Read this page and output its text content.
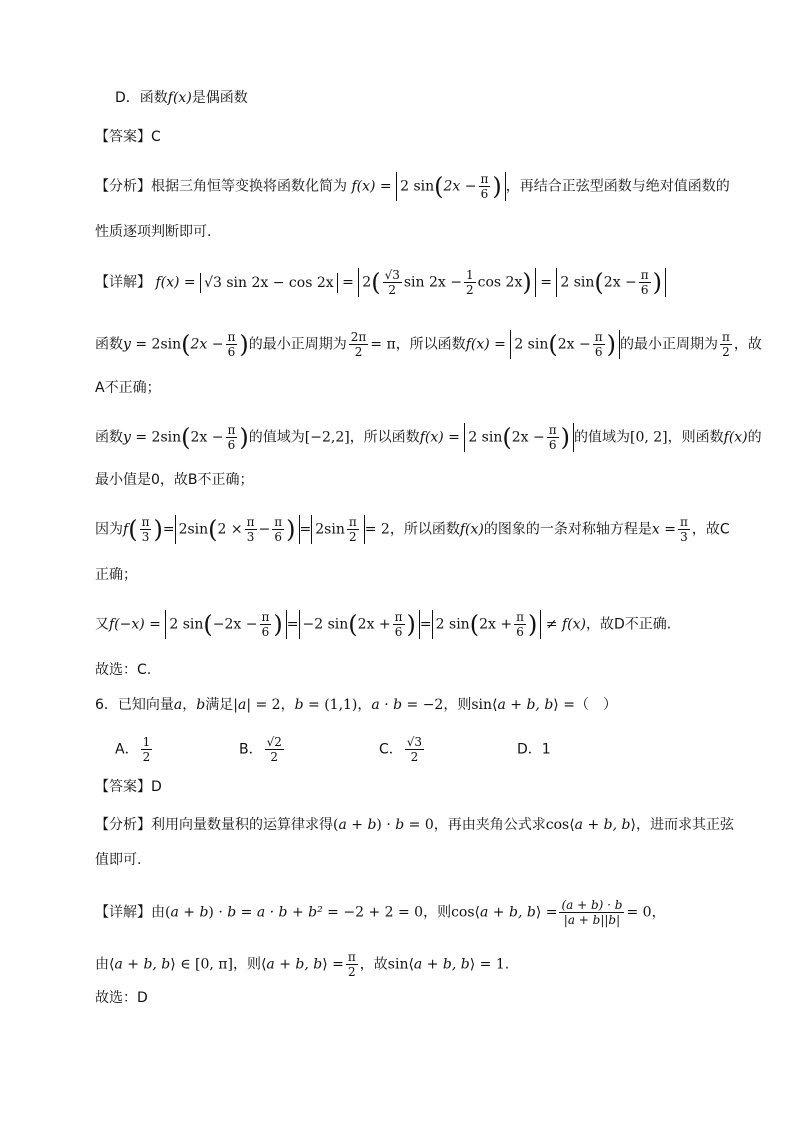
D．函数f(x)是偶函数
【答案】C
【分析】根据三角恒等变换将函数化简为 f(x) = 2 $\sin(2x - \frac{\pi}{6}$ ) ，再结合正弦型函数与绝对值函数的
性质逐项判断即可.
【详解】 f(x) = √3 $\sin 2x - \cos 2x = 2( \frac{√3}{2}$ $\sin 2x - \frac{1}{2}$ cos 2x) = 2 $\sin(2x - \frac{\pi}{6}$ )
函数$y = 2\sin(2x - \frac{\pi}{6}$ )的最小正周期为 $\frac{2\pi}{2} = \pi$，所以函数f(x) = 2 $\sin(2x - \frac{\pi}{6}$ ) 的最小正周期为 $\frac{\pi}{2}$ ，故
A不正确；
函数$y = 2\sin(2x - \frac{\pi}{6}$ )的值域为[−2,2]，所以函数f(x) = 2 $\sin(2x - \frac{\pi}{6}$ ) 的值域为[0, 2]，则函数f(x)的
最小值是0，故B不正确；
因为$f( \frac{\pi}{3}$ )= $2\sin(2 \times \frac{\pi}{3} - \frac{\pi}{6}$ ) = $2\sin \frac{\pi}{2} = 2$，所以函数f(x)的图象的一条对称轴方程是$x = \frac{\pi}{3}$ ，故C
正确；
又f(−x) = 2 $\sin(-2x - \frac{\pi}{6}$ ) = −2 $\sin(2x + \frac{\pi}{6}$ ) = 2 $\sin(2x + \frac{\pi}{6}$ ) ≠ f(x)，故D不正确.
故选：C.
6．已知向量a，b满足|a| = 2，b = (1,1)，a · b = −2，则sin⟨a + b, b⟩ =（　）
A． $\frac{1}{2}$	B． $\frac{√2}{2}$	C． $\frac{√3}{2}$	D．1
【答案】D
【分析】利用向量数量积的运算律求得(a + b) · b = 0，再由夹角公式求cos⟨a + b, b⟩，进而求其正弦
值即可.
【详解】由(a + b) · b = a · b + b² = −2 + 2 = 0，则cos⟨a + b, b⟩ = $\frac{(a + b) \cdot b}{|a + b||b|} = 0$，
由⟨a + b, b⟩ ∈ [0, π]，则⟨a + b, b⟩ = $\frac{\pi}{2}$ ，故sin⟨a + b, b⟩ = 1.
故选：D
